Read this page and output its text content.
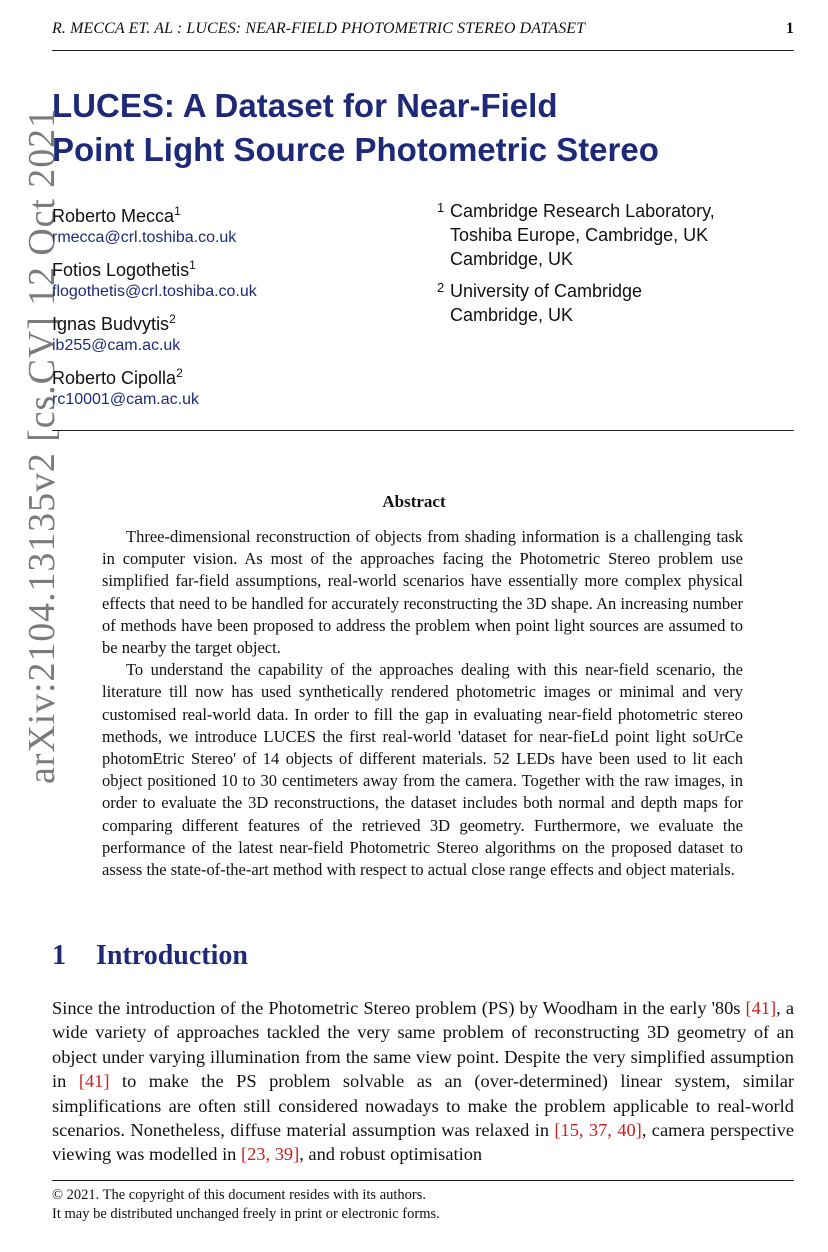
R. MECCA ET. AL : LUCES: NEAR-FIELD PHOTOMETRIC STEREO DATASET	1
arXiv:2104.13135v2 [cs.CV] 12 Oct 2021
LUCES: A Dataset for Near-Field
Point Light Source Photometric Stereo
Roberto Mecca$^1$
rmecca@crl.toshiba.co.uk
Fotios Logothetis$^1$
flogothetis@crl.toshiba.co.uk
Ignas Budvytis$^2$
ib255@cam.ac.uk
Roberto Cipolla$^2$
rc10001@cam.ac.uk
1 Cambridge Research Laboratory,
Toshiba Europe, Cambridge, UK
Cambridge, UK
2 University of Cambridge
Cambridge, UK
Abstract

Three-dimensional reconstruction of objects from shading information is a challenging task in computer vision. As most of the approaches facing the Photometric Stereo problem use simplified far-field assumptions, real-world scenarios have essentially more complex physical effects that need to be handled for accurately reconstructing the 3D shape. An increasing number of methods have been proposed to address the problem when point light sources are assumed to be nearby the target object.

To understand the capability of the approaches dealing with this near-field scenario, the literature till now has used synthetically rendered photometric images or minimal and very customised real-world data. In order to fill the gap in evaluating near-field photometric stereo methods, we introduce LUCES the first real-world 'dataset for near-fieLd point light soUrCe photomEtric Stereo' of 14 objects of different materials. 52 LEDs have been used to lit each object positioned 10 to 30 centimeters away from the camera. Together with the raw images, in order to evaluate the 3D reconstructions, the dataset includes both normal and depth maps for comparing different features of the retrieved 3D geometry. Furthermore, we evaluate the performance of the latest near-field Photometric Stereo algorithms on the proposed dataset to assess the state-of-the-art method with respect to actual close range effects and object materials.

1 Introduction

Since the introduction of the Photometric Stereo problem (PS) by Woodham in the early '80s [41], a wide variety of approaches tackled the very same problem of reconstructing 3D geometry of an object under varying illumination from the same view point. Despite the very simplified assumption in [41] to make the PS problem solvable as an (over-determined) linear system, similar simplifications are often still considered nowadays to make the problem applicable to real-world scenarios. Nonetheless, diffuse material assumption was relaxed in [15, 37, 40], camera perspective viewing was modelled in [23, 39], and robust optimisation

© 2021. The copyright of this document resides with its authors.
It may be distributed unchanged freely in print or electronic forms.
